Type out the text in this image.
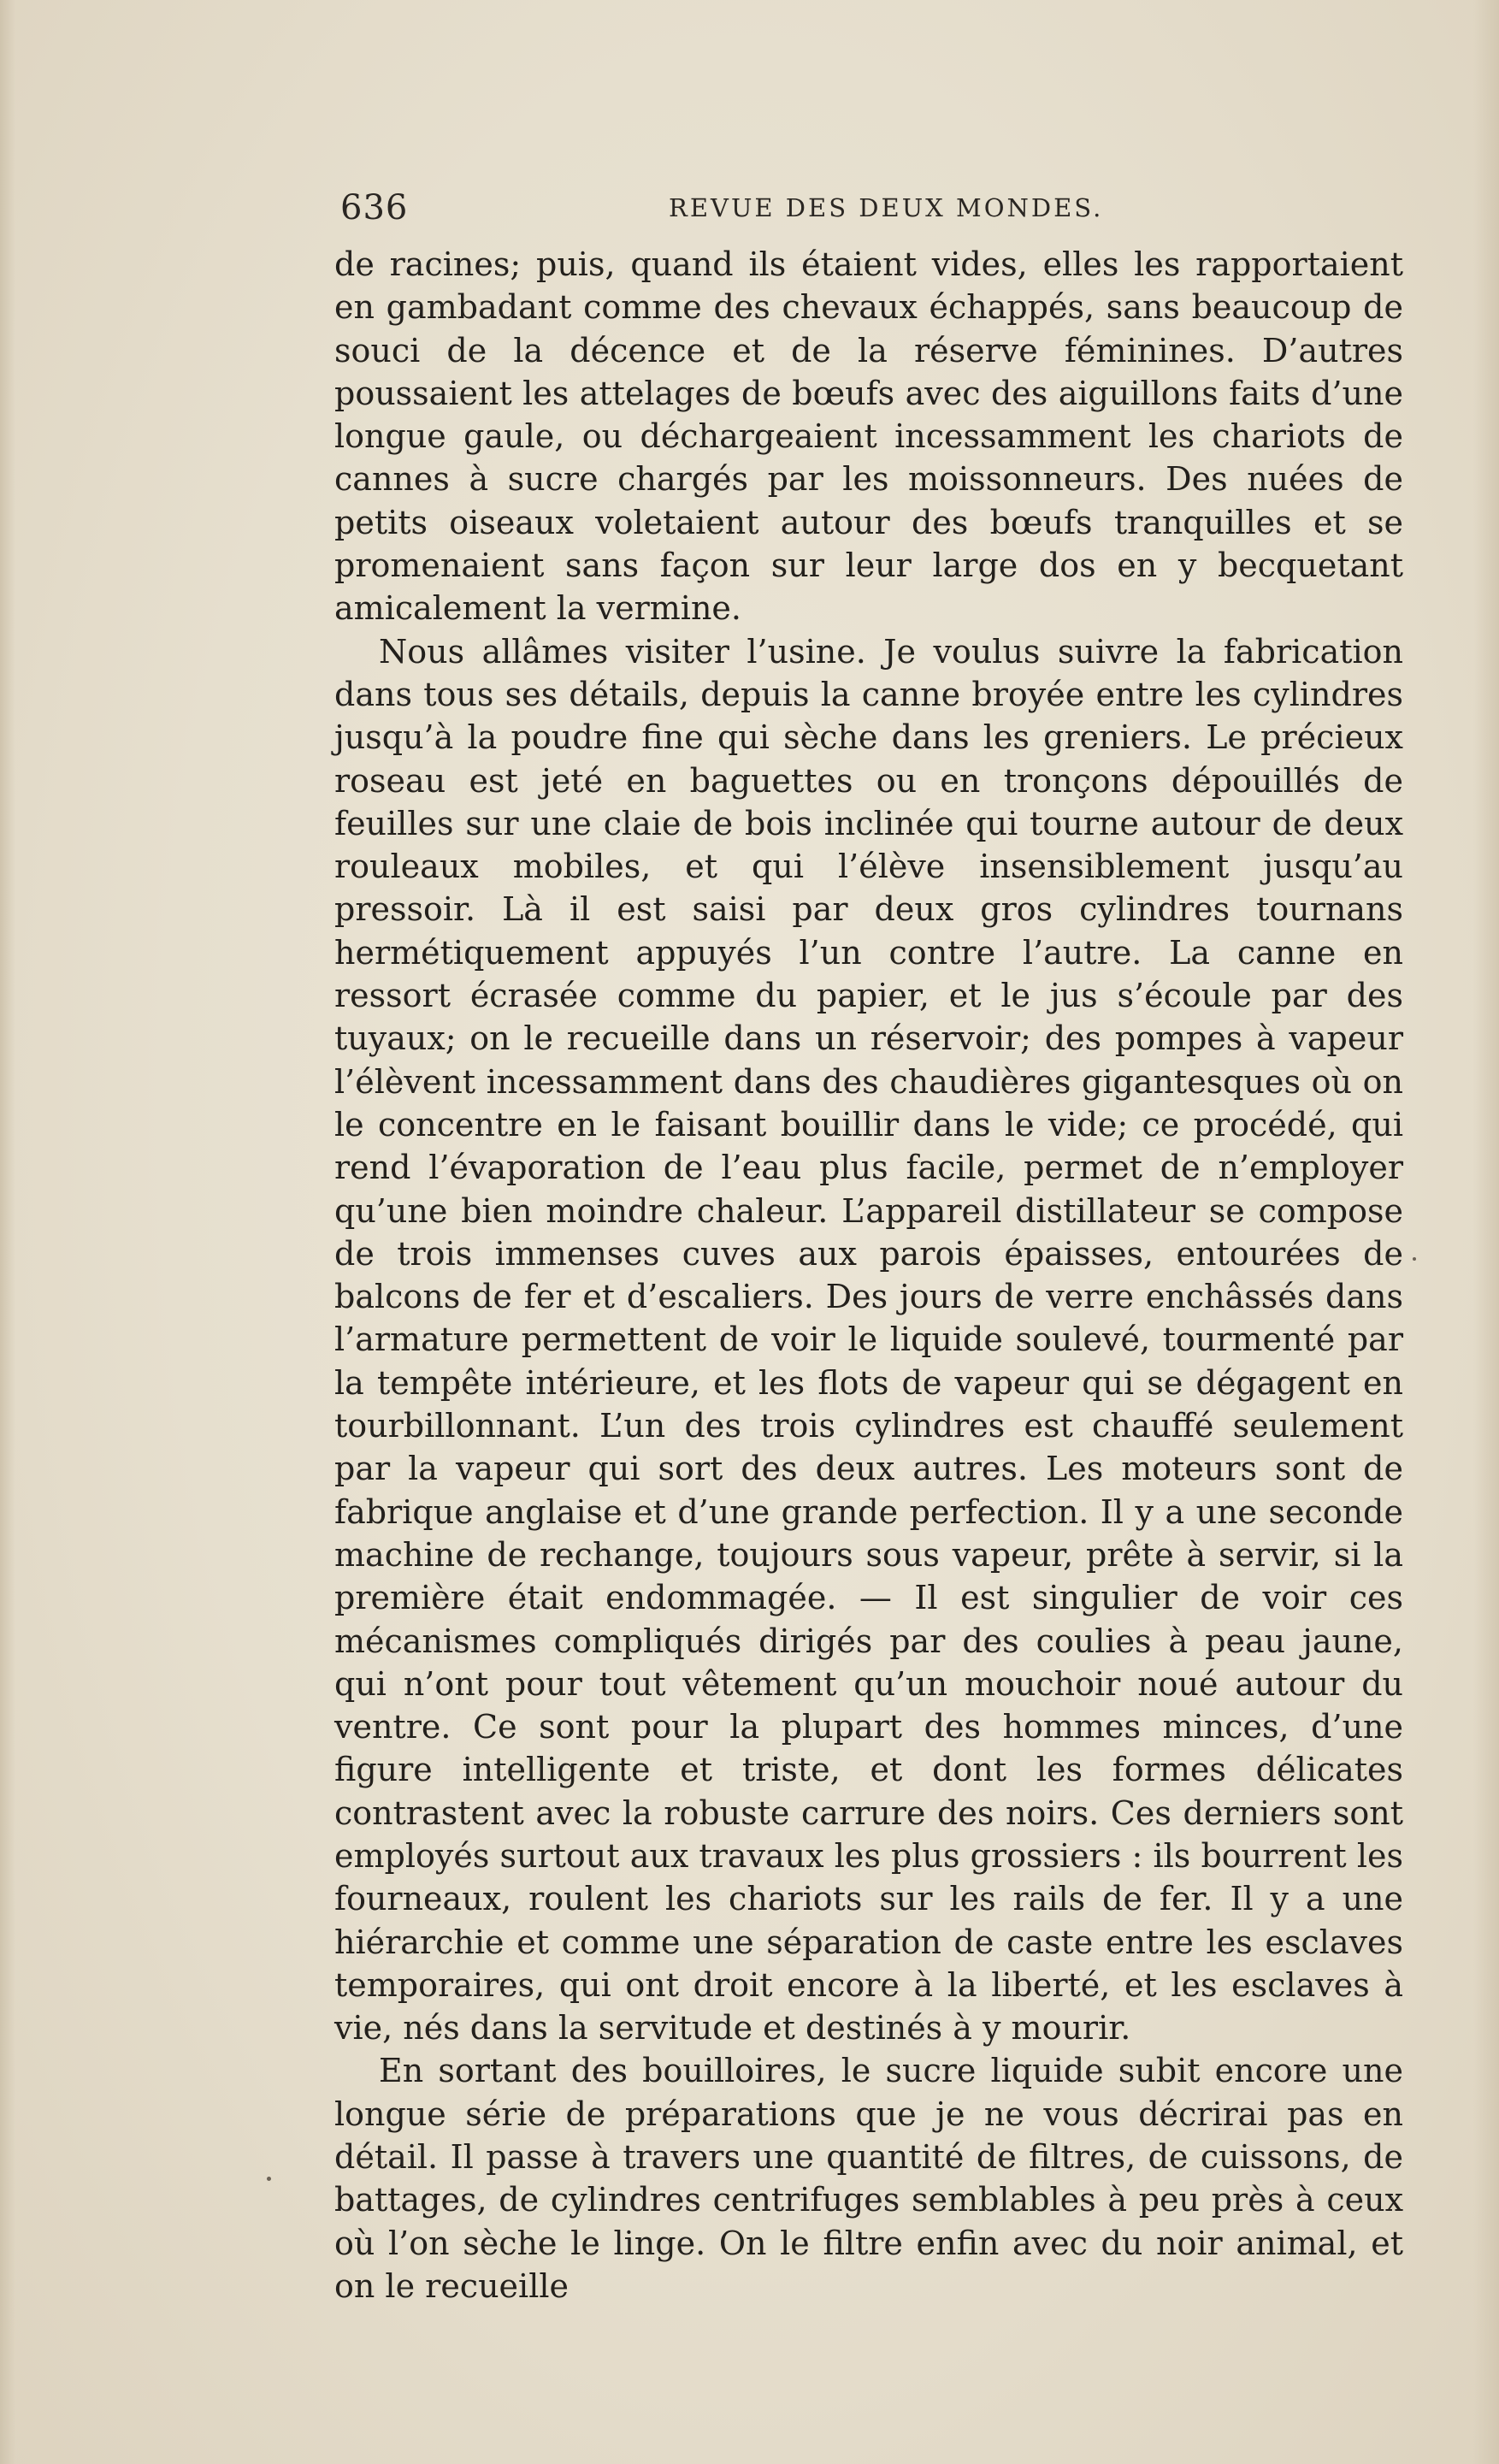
636	REVUE DES DEUX MONDES.

de racines; puis, quand ils étaient vides, elles les rapportaient en gambadant comme des chevaux échappés, sans beaucoup de souci de la décence et de la réserve féminines. D’autres poussaient les attelages de bœufs avec des aiguillons faits d’une longue gaule, ou déchargeaient incessamment les chariots de cannes à sucre chargés par les moissonneurs. Des nuées de petits oiseaux voletaient autour des bœufs tranquilles et se promenaient sans façon sur leur large dos en y becquetant amicalement la vermine.

Nous allâmes visiter l’usine. Je voulus suivre la fabrication dans tous ses détails, depuis la canne broyée entre les cylindres jusqu’à la poudre fine qui sèche dans les greniers. Le précieux roseau est jeté en baguettes ou en tronçons dépouillés de feuilles sur une claie de bois inclinée qui tourne autour de deux rouleaux mobiles, et qui l’élève insensiblement jusqu’au pressoir. Là il est saisi par deux gros cylindres tournans hermétiquement appuyés l’un contre l’autre. La canne en ressort écrasée comme du papier, et le jus s’écoule par des tuyaux; on le recueille dans un réservoir; des pompes à vapeur l’élèvent incessamment dans des chaudières gigantesques où on le concentre en le faisant bouillir dans le vide; ce procédé, qui rend l’évaporation de l’eau plus facile, permet de n’employer qu’une bien moindre chaleur. L’appareil distillateur se compose de trois immenses cuves aux parois épaisses, entourées de balcons de fer et d’escaliers. Des jours de verre enchâssés dans l’armature permettent de voir le liquide soulevé, tourmenté par la tempête intérieure, et les flots de vapeur qui se dégagent en tourbillonnant. L’un des trois cylindres est chauffé seulement par la vapeur qui sort des deux autres. Les moteurs sont de fabrique anglaise et d’une grande perfection. Il y a une seconde machine de rechange, toujours sous vapeur, prête à servir, si la première était endommagée. — Il est singulier de voir ces mécanismes compliqués dirigés par des coulies à peau jaune, qui n’ont pour tout vêtement qu’un mouchoir noué autour du ventre. Ce sont pour la plupart des hommes minces, d’une figure intelligente et triste, et dont les formes délicates contrastent avec la robuste carrure des noirs. Ces derniers sont employés surtout aux travaux les plus grossiers : ils bourrent les fourneaux, roulent les chariots sur les rails de fer. Il y a une hiérarchie et comme une séparation de caste entre les esclaves temporaires, qui ont droit encore à la liberté, et les esclaves à vie, nés dans la servitude et destinés à y mourir.

En sortant des bouilloires, le sucre liquide subit encore une longue série de préparations que je ne vous décrirai pas en détail. Il passe à travers une quantité de filtres, de cuissons, de battages, de cylindres centrifuges semblables à peu près à ceux où l’on sèche le linge. On le filtre enfin avec du noir animal, et on le recueille
